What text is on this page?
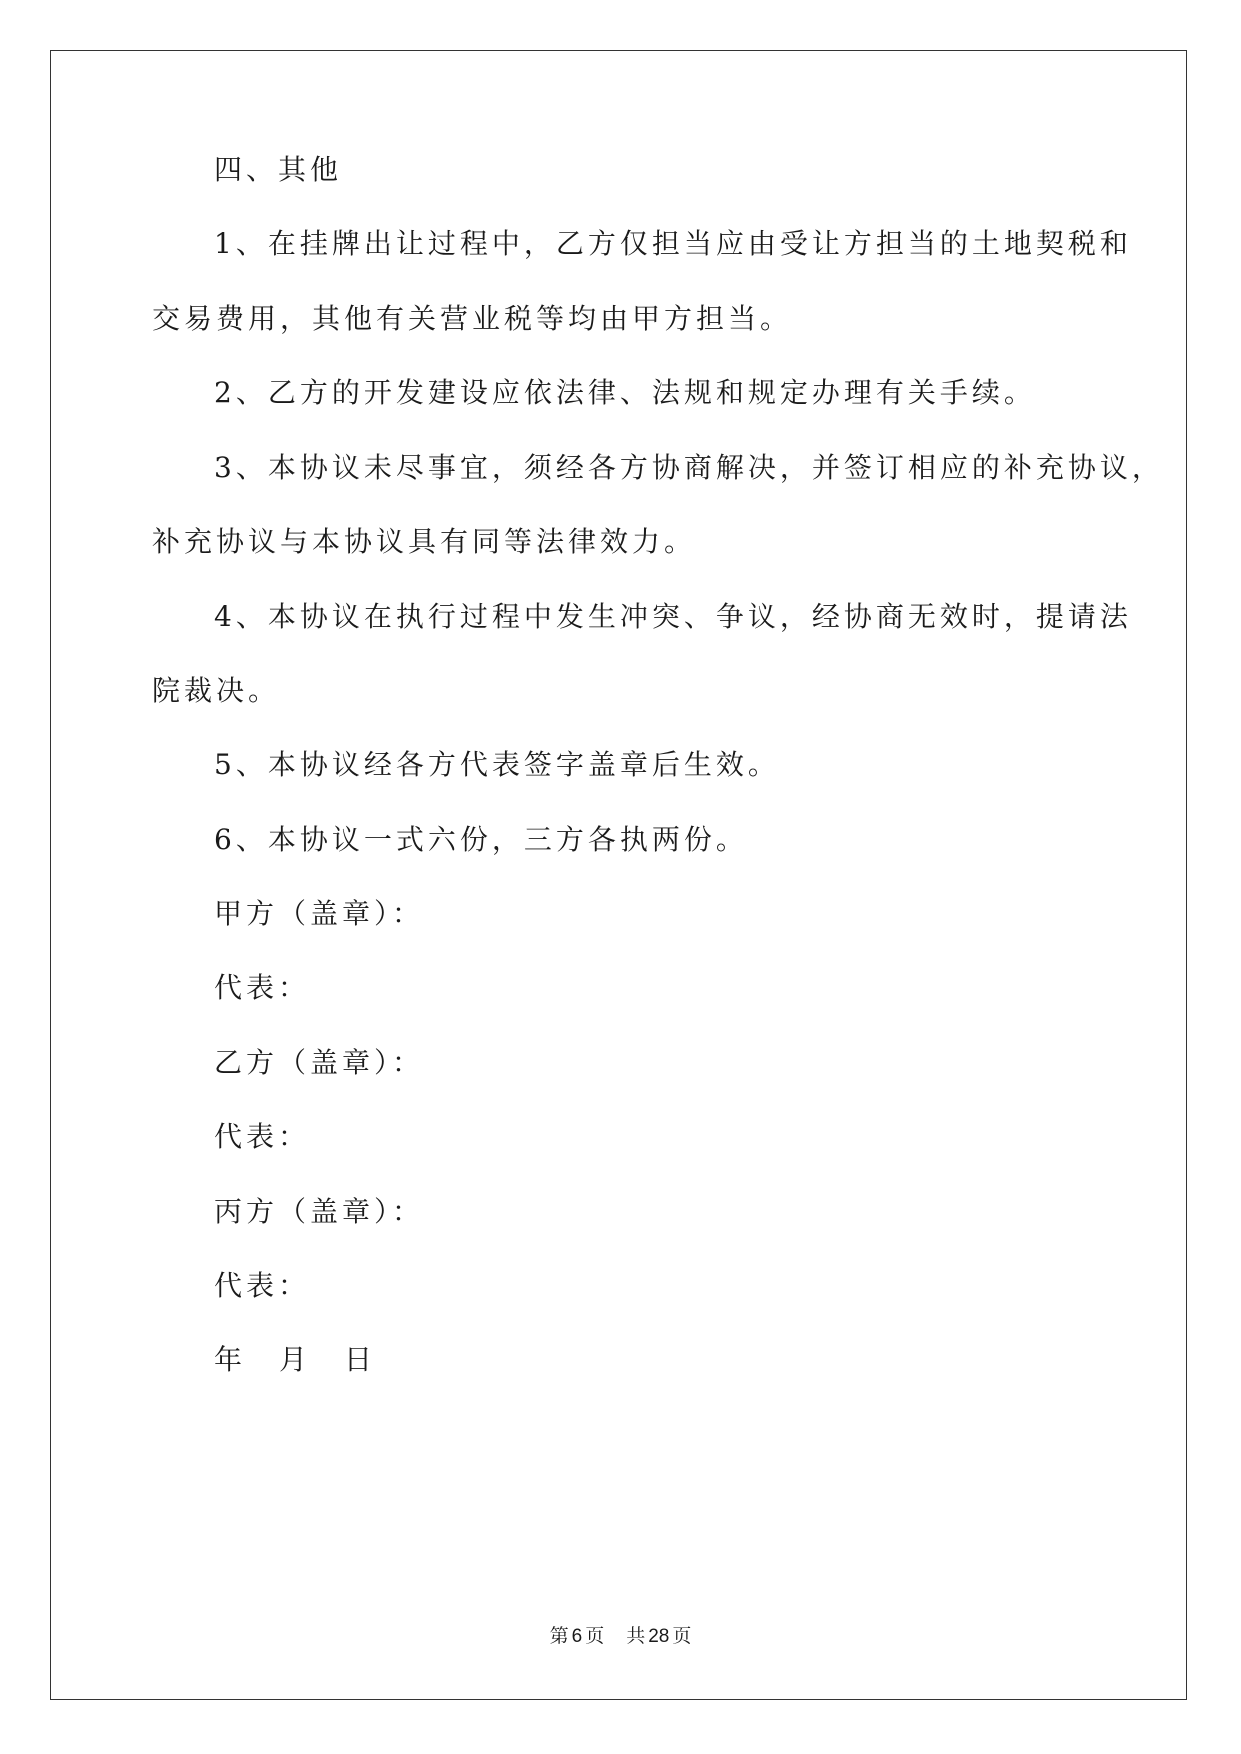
四、其他
1、在挂牌出让过程中，乙方仅担当应由受让方担当的土地契税和
交易费用，其他有关营业税等均由甲方担当。
2、乙方的开发建设应依法律、法规和规定办理有关手续。
3、本协议未尽事宜，须经各方协商解决，并签订相应的补充协议，
补充协议与本协议具有同等法律效力。
4、本协议在执行过程中发生冲突、争议，经协商无效时，提请法
院裁决。
5、本协议经各方代表签字盖章后生效。
6、本协议一式六份，三方各执两份。
甲方（盖章）：
代表：
乙方（盖章）：
代表：
丙方（盖章）：
代表：
年 月 日
第 6 页 共 28 页
